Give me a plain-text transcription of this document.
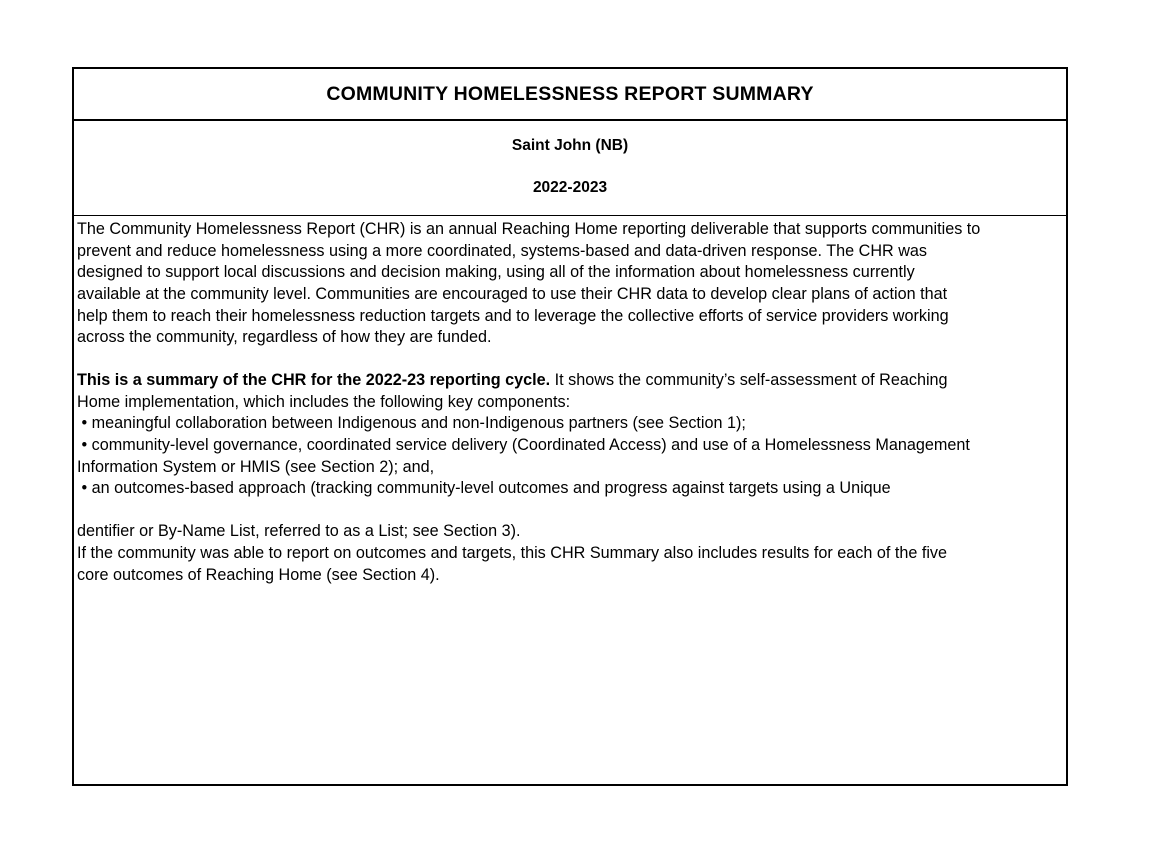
COMMUNITY HOMELESSNESS REPORT SUMMARY
Saint John (NB)
2022-2023
The Community Homelessness Report (CHR) is an annual Reaching Home reporting deliverable that supports communities to
prevent and reduce homelessness using a more coordinated, systems-based and data-driven response. The CHR was
designed to support local discussions and decision making, using all of the information about homelessness currently
available at the community level. Communities are encouraged to use their CHR data to develop clear plans of action that
help them to reach their homelessness reduction targets and to leverage the collective efforts of service providers working
across the community, regardless of how they are funded.
This is a summary of the CHR for the 2022-23 reporting cycle. It shows the community’s self-assessment of Reaching
Home implementation, which includes the following key components:
• meaningful collaboration between Indigenous and non-Indigenous partners (see Section 1);
• community-level governance, coordinated service delivery (Coordinated Access) and use of a Homelessness Management
Information System or HMIS (see Section 2); and,
• an outcomes-based approach (tracking community-level outcomes and progress against targets using a Unique
dentifier or By-Name List, referred to as a List; see Section 3).
If the community was able to report on outcomes and targets, this CHR Summary also includes results for each of the five
core outcomes of Reaching Home (see Section 4).
